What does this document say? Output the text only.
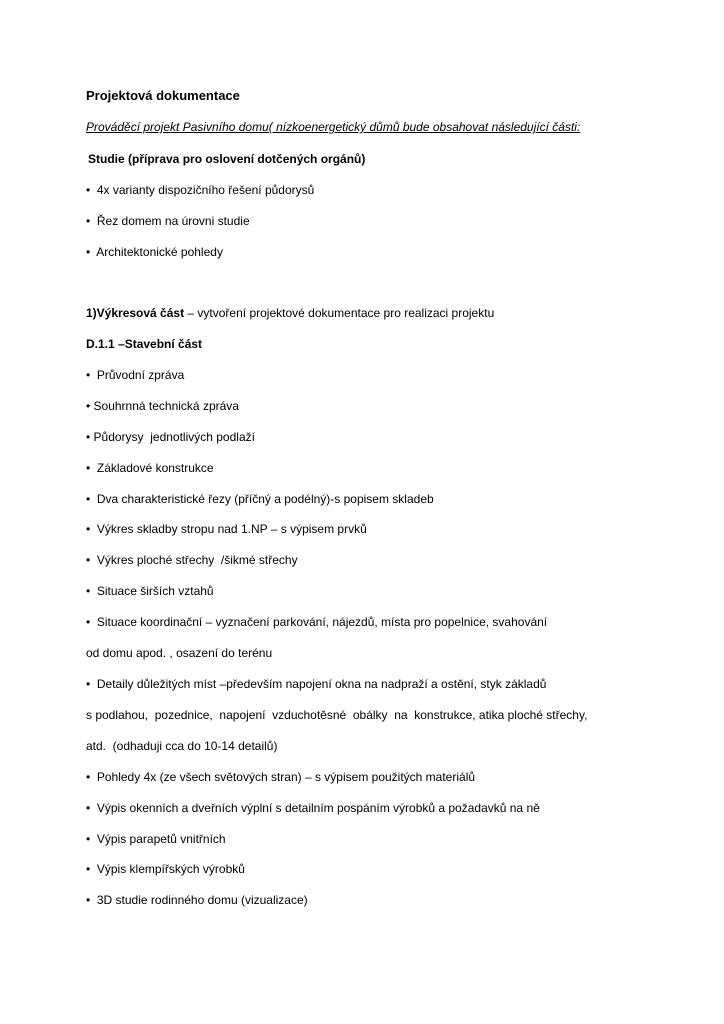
Projektová dokumentace
Prováděcí projekt Pasivního domu( nízkoenergetický důmů bude obsahovat následující části:
Studie (příprava pro oslovení dotčených orgánů)
•  4x varianty dispozičního řešení půdorysů
•  Řez domem na úrovni studie
•  Architektonické pohledy
1)Výkresová část – vytvoření projektové dokumentace pro realizaci projektu
D.1.1 –Stavební část
•  Průvodní zpráva
• Souhrnná technická zpráva
• Půdorysy  jednotlivých podlaží
•  Základové konstrukce
•  Dva charakteristické řezy (příčný a podélný)-s popisem skladeb
•  Výkres skladby stropu nad 1.NP – s výpisem prvků
•  Výkres ploché střechy  /šikmé střechy
•  Situace širších vztahů
•  Situace koordinační – vyznačení parkování, nájezdů, místa pro popelnice, svahování
od domu apod. , osazení do terénu
•  Detaily důležitých míst –především napojení okna na nadpraží a ostění, styk základů
s podlahou,  pozednice,  napojení  vzduchotěsné  obálky  na  konstrukce, atika ploché střechy,
atd.  (odhaduji cca do 10-14 detailů)
•  Pohledy 4x (ze všech světových stran) – s výpisem použitých materiálů
•  Výpis okenních a dveřních výplní s detailním pospáním výrobků a požadavků na ně
•  Výpis parapetů vnitřních
•  Výpis klempířských výrobků
•  3D studie rodinného domu (vizualizace)
